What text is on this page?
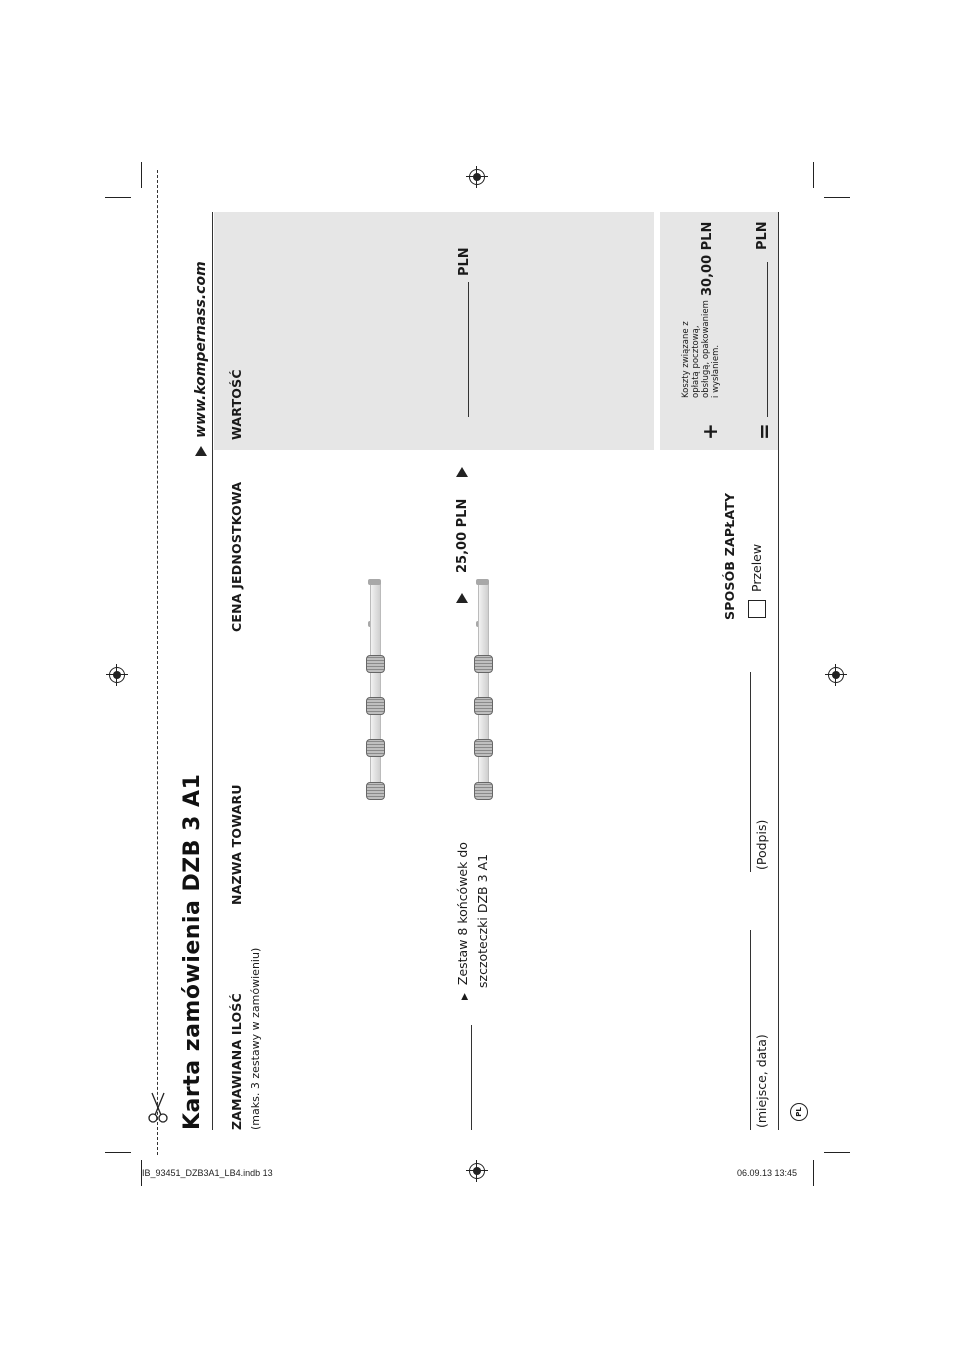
Karta zamówienia DZB 3 A1
www.kompernass.com
ZAMAWIANA ILOŚĆ (maks. 3 zestawy w zamówieniu)
NAZWA TOWARU
CENA JEDNOSTKOWA
WARTOŚĆ
▶  Zestaw 8 końcówek do szczoteczki DZB 3 A1
25,00 PLN
PLN
+
Koszty związane z opłatą pocztową, obsługą, opakowaniem i wysłaniem.
30,00 PLN
=
PLN
SPOSÓB ZAPŁATY Przelew
(miejsce, data)
(Podpis)
PL
IB_93451_DZB3A1_LB4.indb 13	06.09.13 13:45
